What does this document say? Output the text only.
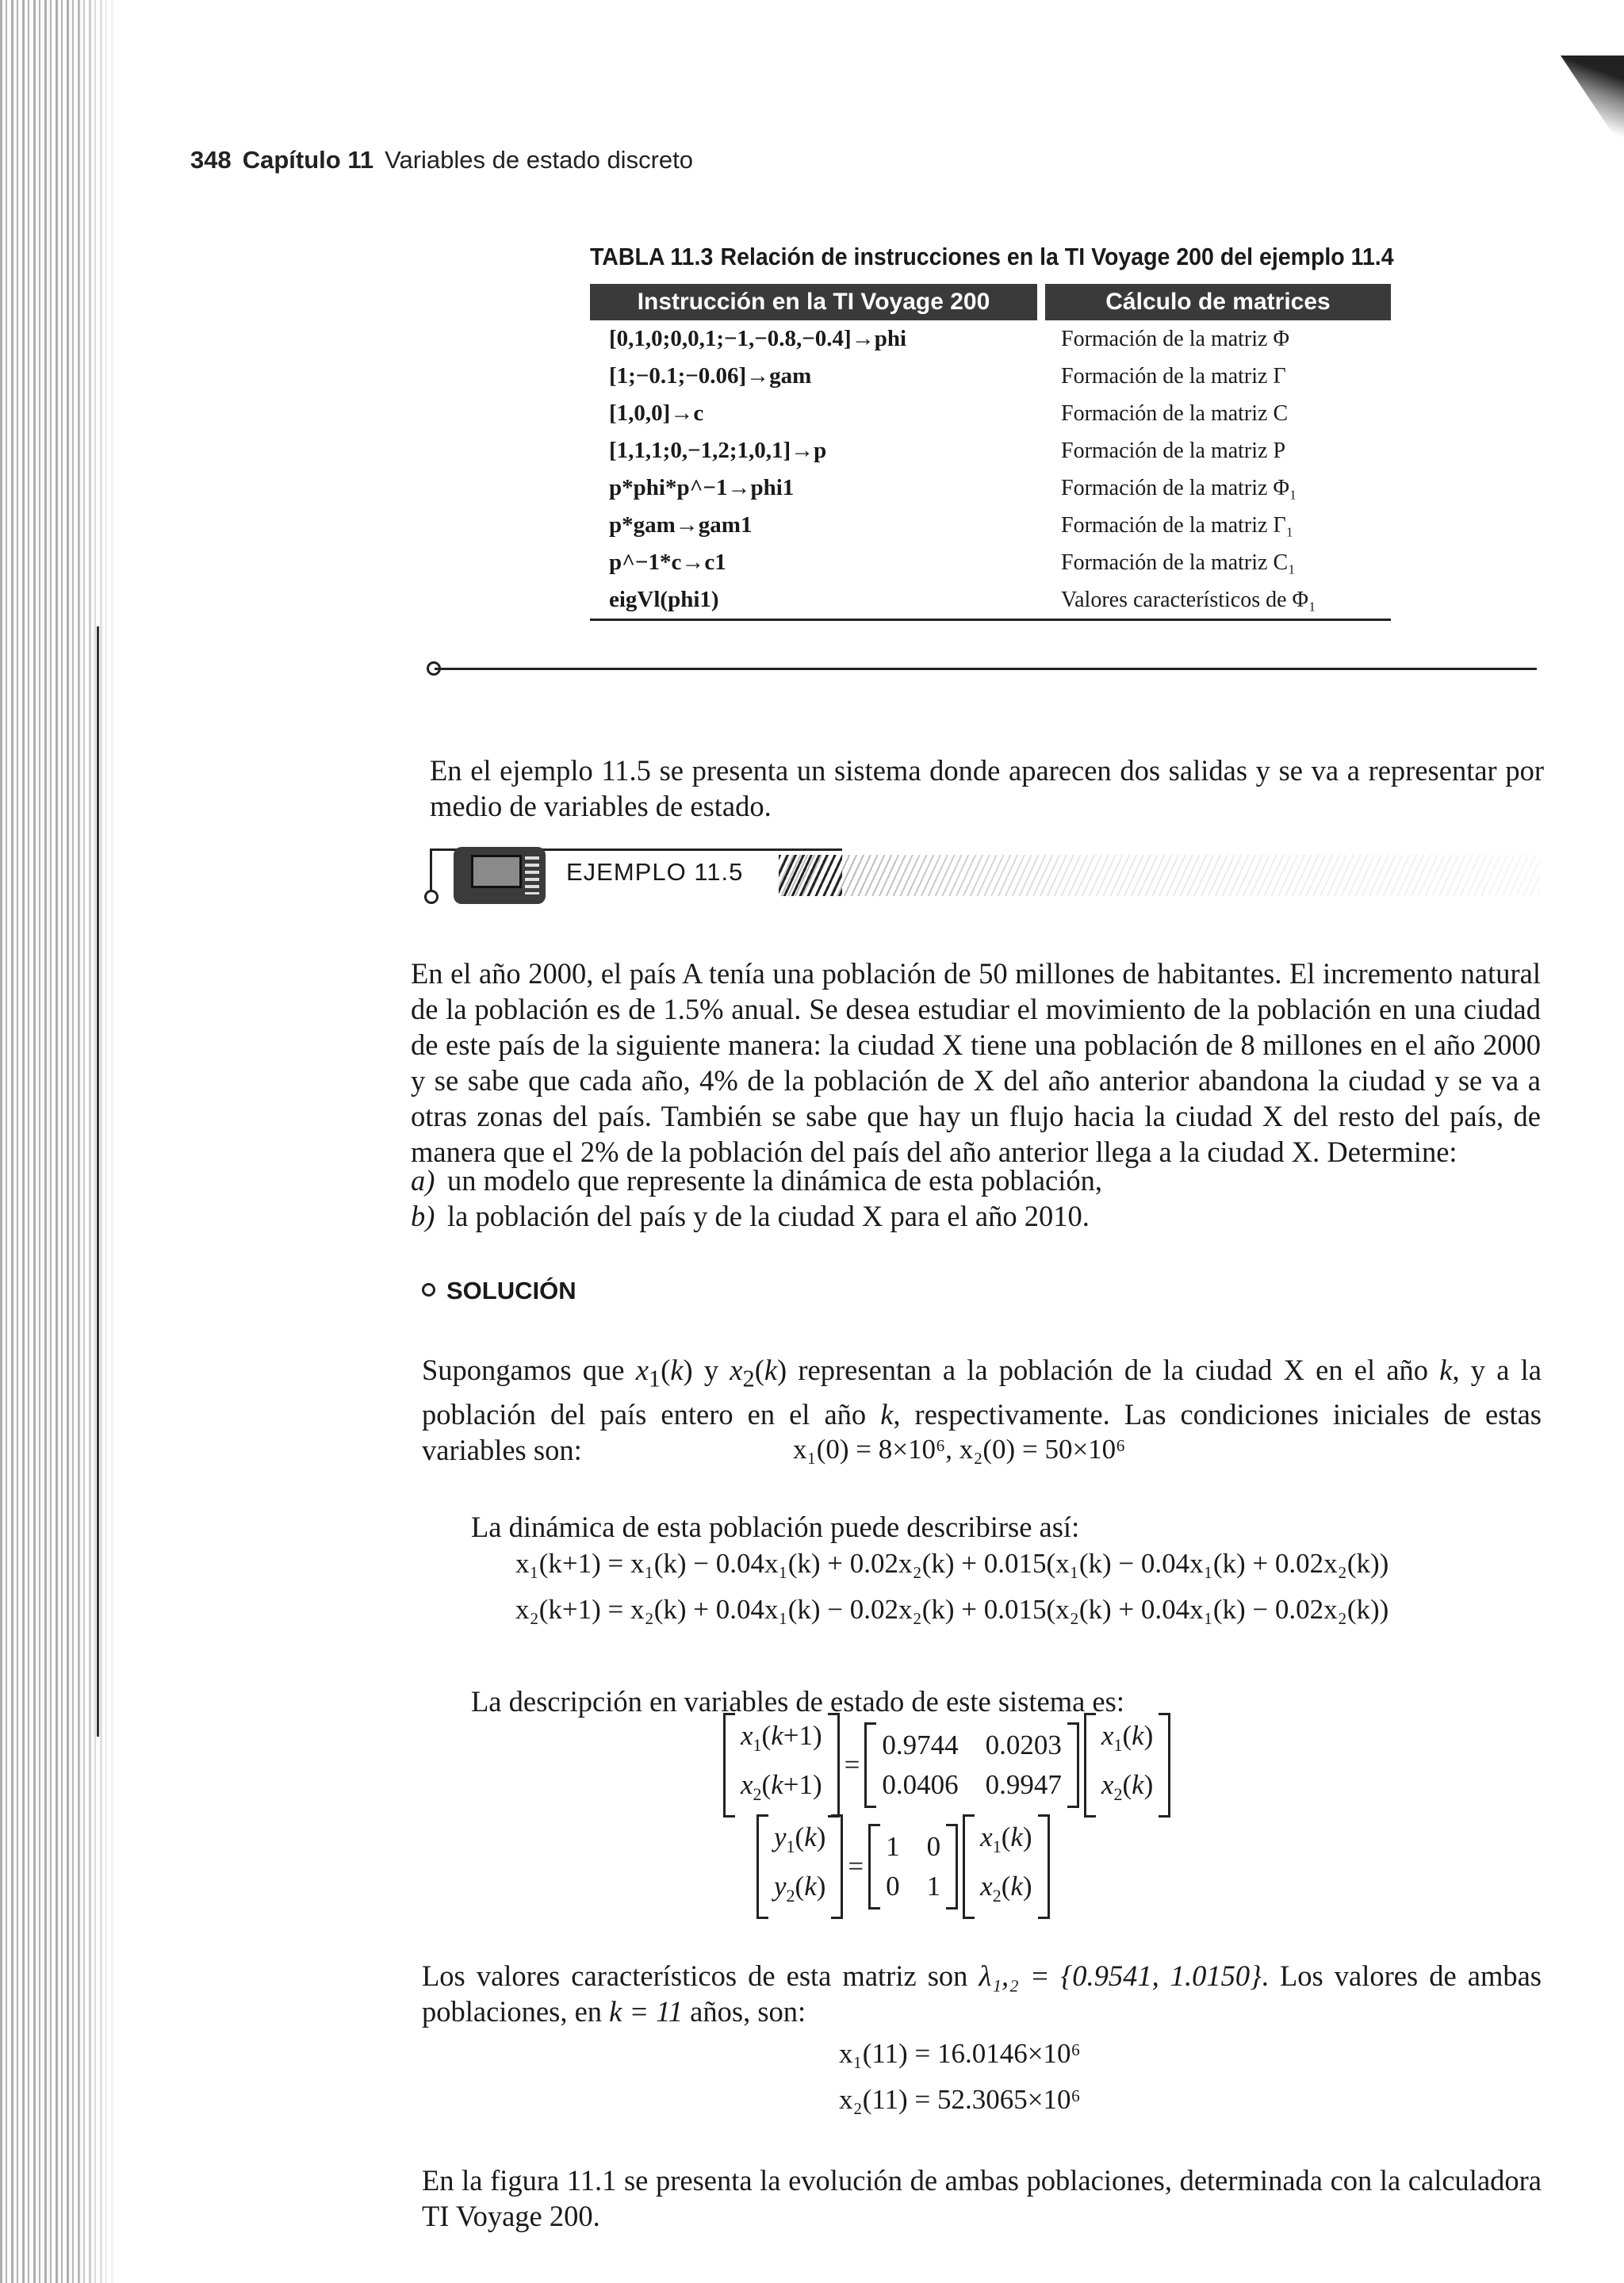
348 Capítulo 11 Variables de estado discreto
TABLA 11.3 Relación de instrucciones en la TI Voyage 200 del ejemplo 11.4
Instrucción en la TI Voyage 200		Cálculo de matrices
[0,1,0;0,0,1;−1,−0.8,−0.4]→phi		Formación de la matriz Φ
[1;−0.1;−0.06]→gam		Formación de la matriz Γ
[1,0,0]→c		Formación de la matriz C
[1,1,1;0,−1,2;1,0,1]→p		Formación de la matriz P
p*phi*p^−1→phi1		Formación de la matriz Φ₁
p*gam→gam1		Formación de la matriz Γ₁
p^−1*c→c1		Formación de la matriz C₁
eigVl(phi1)		Valores característicos de Φ₁

En el ejemplo 11.5 se presenta un sistema donde aparecen dos salidas y se va a representar por medio de variables de estado.

EJEMPLO 11.5

En el año 2000, el país A tenía una población de 50 millones de habitantes. El incremento natural de la población es de 1.5% anual. Se desea estudiar el movimiento de la población en una ciudad de este país de la siguiente manera: la ciudad X tiene una población de 8 millones en el año 2000 y se sabe que cada año, 4% de la población de X del año anterior abandona la ciudad y se va a otras zonas del país. También se sabe que hay un flujo hacia la ciudad X del resto del país, de manera que el 2% de la población del país del año anterior llega a la ciudad X. Determine:

a) un modelo que represente la dinámica de esta población,
b) la población del país y de la ciudad X para el año 2010.
SOLUCIÓN

Supongamos que $x_1(k)$ y $x_2(k)$ representan a la población de la ciudad X en el año k, y a la población del país entero en el año k, respectivamente. Las condiciones iniciales de estas variables son:	x₁(0) = 8×10⁶, x₂(0) = 50×10⁶

La dinámica de esta población puede describirse así:

x₁(k+1) = x₁(k) − 0.04x₁(k) + 0.02x₂(k) + 0.015(x₁(k) − 0.04x₁(k) + 0.02x₂(k))
x₂(k+1) = x₂(k) + 0.04x₁(k) − 0.02x₂(k) + 0.015(x₂(k) + 0.04x₁(k) − 0.02x₂(k))

La descripción en variables de estado de este sistema es:

$x_1(k+1)$
$x_2(k+1)$
=
0.9744 0.0203
0.0406 0.9947
$x_1(k)$
$x_2(k)$
$y_1(k)$
$y_2(k)$
=
1 0
0 1
$x_1(k)$
$x_2(k)$

Los valores característicos de esta matriz son λ₁,₂ = {0.9541, 1.0150}. Los valores de ambas poblaciones, en k = 11 años, son:

x₁(11) = 16.0146×10⁶
x₂(11) = 52.3065×10⁶

En la figura 11.1 se presenta la evolución de ambas poblaciones, determinada con la calculadora TI Voyage 200.
